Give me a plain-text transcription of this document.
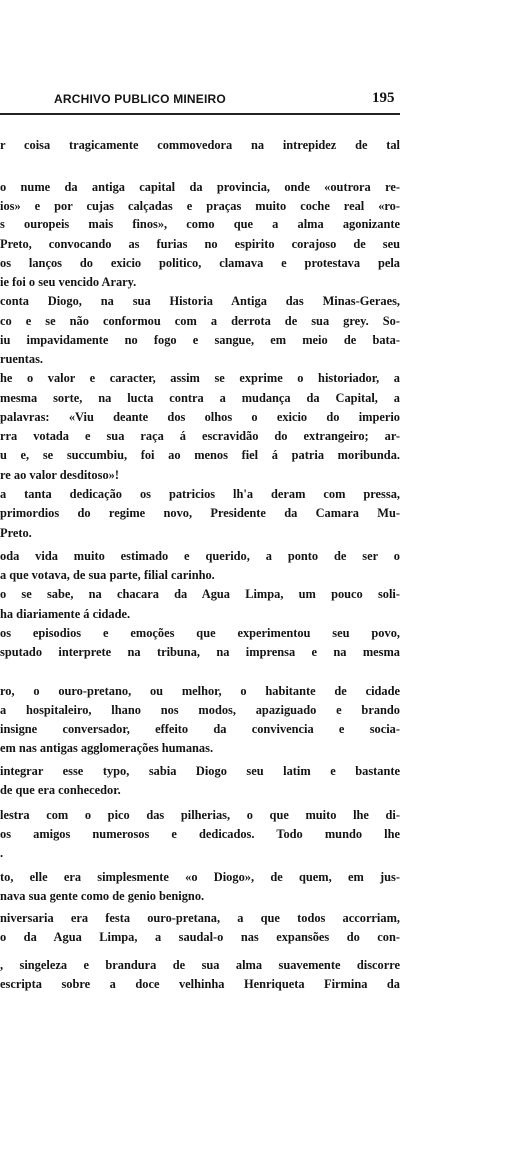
ARCHIVO PUBLICO MINEIRO	195
r coisa tragicamente commovedora na intrepidez de tal
o nume da antiga capital da provincia, onde «outrora re-
ios» e por cujas calçadas e praças muito coche real «ro-
s ouropeis mais finos», como que a alma agonizante
Preto, convocando as furias no espirito corajoso de seu
os lanços do exicio politico, clamava e protestava pela
ie foi o seu vencido Arary.
conta Diogo, na sua Historia Antiga das Minas-Geraes,
co e se não conformou com a derrota de sua grey. So-
iu impavidamente no fogo e sangue, em meio de bata-
ruentas.
he o valor e caracter, assim se exprime o historiador, a
mesma sorte, na lucta contra a mudança da Capital, a
palavras: «Viu deante dos olhos o exicio do imperio
rra votada e sua raça á escravidão do extrangeiro; ar-
u e, se succumbiu, foi ao menos fiel á patria moribunda.
re ao valor desditoso»!
a tanta dedicação os patricios lh'a deram com pressa,
primordios do regime novo, Presidente da Camara Mu-
Preto.
oda vida muito estimado e querido, a ponto de ser o
a que votava, de sua parte, filial carinho.
o se sabe, na chacara da Agua Limpa, um pouco soli-
ha diariamente á cidade.
os episodios e emoções que experimentou seu povo,
sputado interprete na tribuna, na imprensa e na mesma
ro, o ouro-pretano, ou melhor, o habitante de cidade
a hospitaleiro, lhano nos modos, apaziguado e brando
insigne conversador, effeito da convivencia e socia-
em nas antigas agglomerações humanas.
integrar esse typo, sabia Diogo seu latim e bastante
de que era conhecedor.
lestra com o pico das pilherias, o que muito lhe di-
os amigos numerosos e dedicados. Todo mundo lhe
.
to, elle era simplesmente «o Diogo», de quem, em jus-
nava sua gente como de genio benigno.
niversaria era festa ouro-pretana, a que todos accorriam,
o da Agua Limpa, a saudal-o nas expansões do con-
, singeleza e brandura de sua alma suavemente discorre
escripta sobre a doce velhinha Henriqueta Firmina da
